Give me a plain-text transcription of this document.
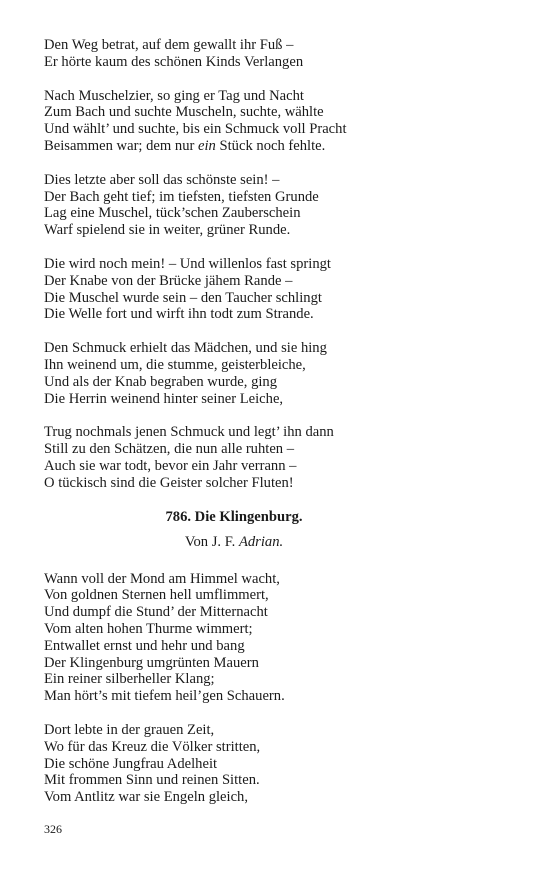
Den Weg betrat, auf dem gewallt ihr Fuß –
Er hörte kaum des schönen Kinds Verlangen
Nach Muschelzier, so ging er Tag und Nacht
Zum Bach und suchte Muscheln, suchte, wählte
Und wählt’ und suchte, bis ein Schmuck voll Pracht
Beisammen war; dem nur ein Stück noch fehlte.
Dies letzte aber soll das schönste sein! –
Der Bach geht tief; im tiefsten, tiefsten Grunde
Lag eine Muschel, tück’schen Zauberschein
Warf spielend sie in weiter, grüner Runde.
Die wird noch mein! – Und willenlos fast springt
Der Knabe von der Brücke jähem Rande –
Die Muschel wurde sein – den Taucher schlingt
Die Welle fort und wirft ihn todt zum Strande.
Den Schmuck erhielt das Mädchen, und sie hing
Ihn weinend um, die stumme, geisterbleiche,
Und als der Knab begraben wurde, ging
Die Herrin weinend hinter seiner Leiche,
Trug nochmals jenen Schmuck und legt’ ihn dann
Still zu den Schätzen, die nun alle ruhten –
Auch sie war todt, bevor ein Jahr verrann –
O tückisch sind die Geister solcher Fluten!
786. Die Klingenburg.
Von J. F. Adrian.
Wann voll der Mond am Himmel wacht,
Von goldnen Sternen hell umflimmert,
Und dumpf die Stund’ der Mitternacht
Vom alten hohen Thurme wimmert;
Entwallet ernst und hehr und bang
Der Klingenburg umgrünten Mauern
Ein reiner silberheller Klang;
Man hört’s mit tiefem heil’gen Schauern.
Dort lebte in der grauen Zeit,
Wo für das Kreuz die Völker stritten,
Die schöne Jungfrau Adelheit
Mit frommen Sinn und reinen Sitten.
Vom Antlitz war sie Engeln gleich,
326
